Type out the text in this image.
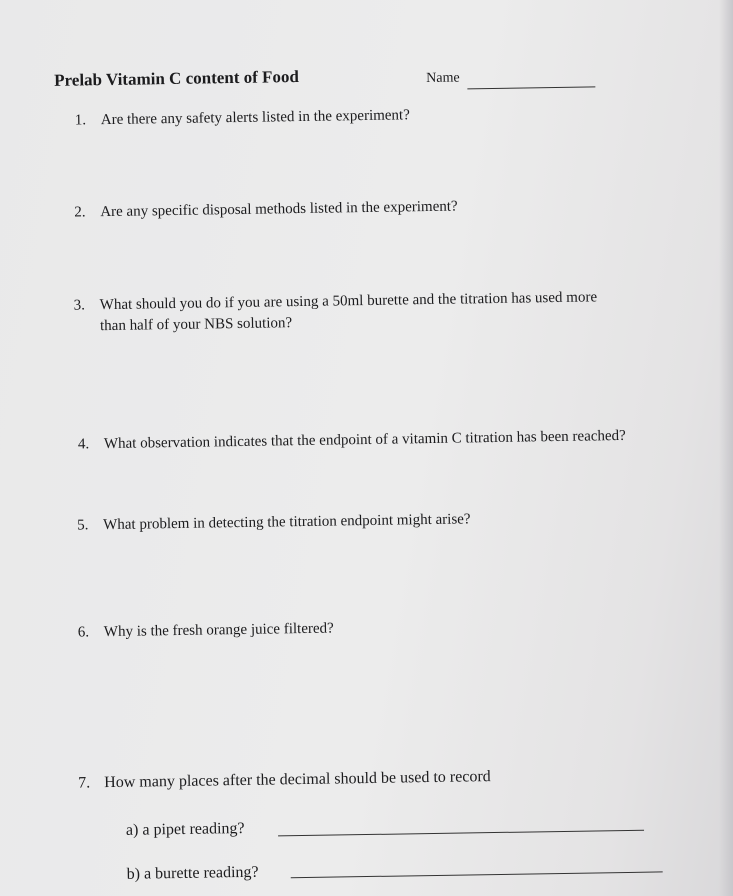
Prelab Vitamin C content of Food	Name
1. Are there any safety alerts listed in the experiment?
2. Are any specific disposal methods listed in the experiment?
3. What should you do if you are using a 50ml burette and the titration has used more
than half of your NBS solution?
4. What observation indicates that the endpoint of a vitamin C titration has been reached?
5. What problem in detecting the titration endpoint might arise?
6. Why is the fresh orange juice filtered?
7. How many places after the decimal should be used to record
a) a pipet reading?
b) a burette reading?
